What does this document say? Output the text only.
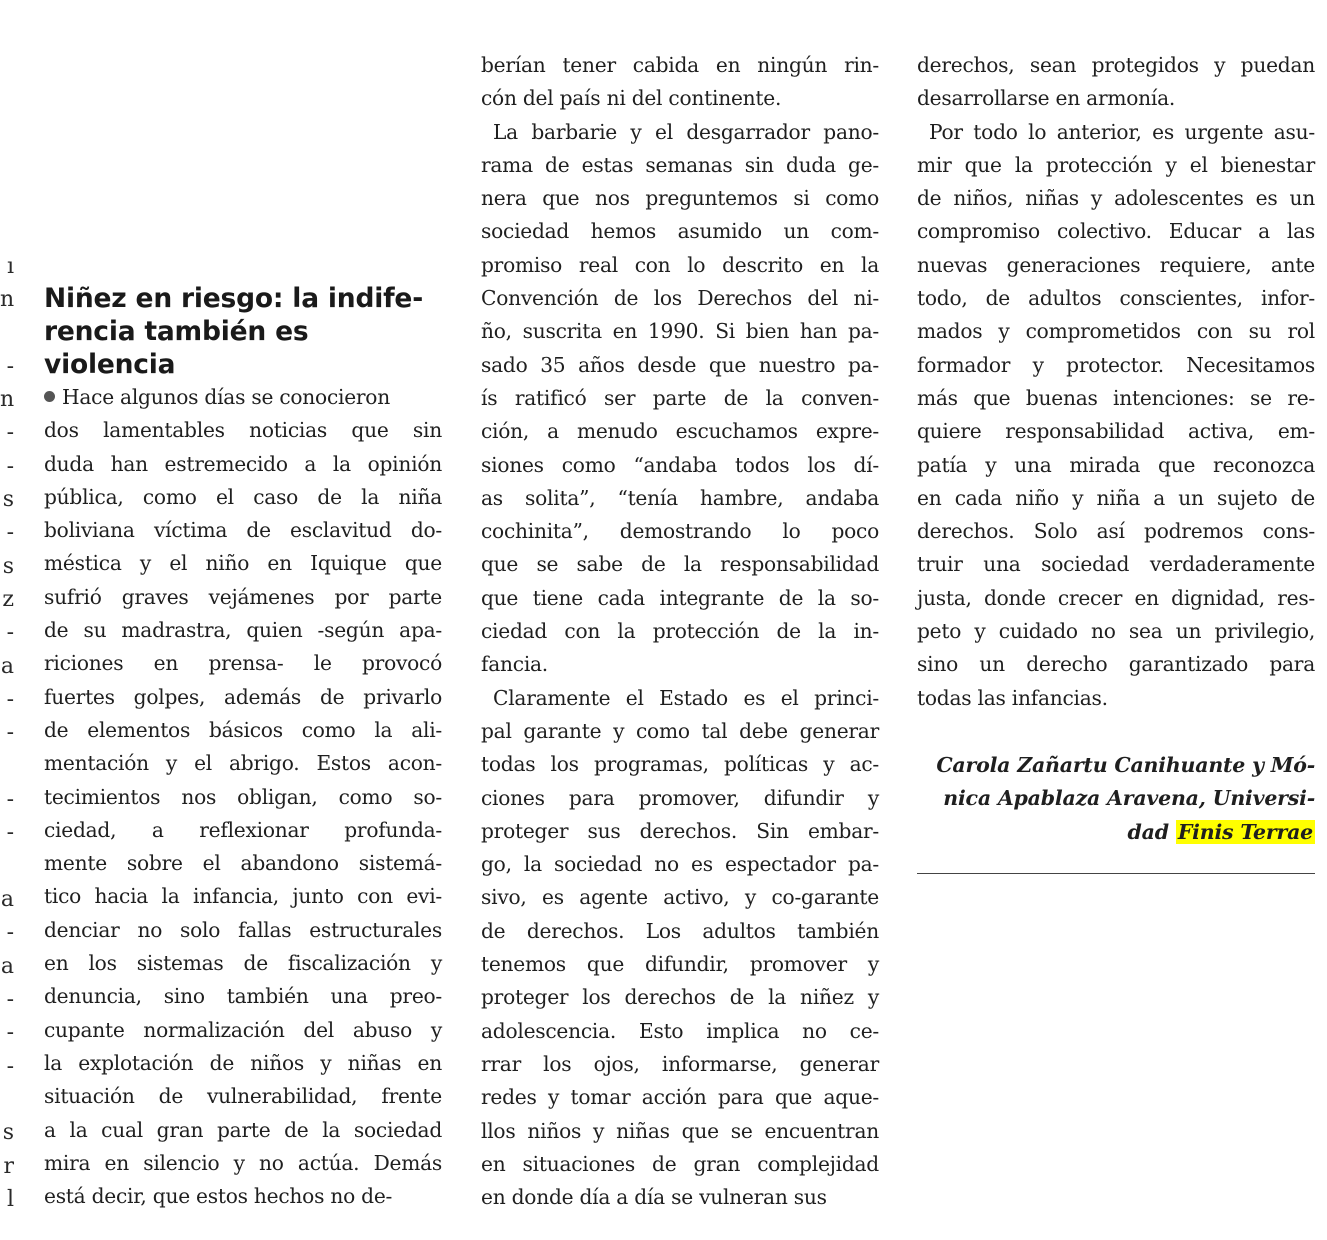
ı
n
-
n
-
-
s
-
s
z
-
a
-
-
-
-
a
-
a
-
-
-
s
r
l
Niñez en riesgo: la indife-
rencia también es violencia

Hace algunos días se conocieron

dos lamentables noticias que sin
duda han estremecido a la opinión
pública, como el caso de la niña
boliviana víctima de esclavitud do-
méstica y el niño en Iquique que
sufrió graves vejámenes por parte
de su madrastra, quien -según apa-
riciones en prensa- le provocó
fuertes golpes, además de privarlo
de elementos básicos como la ali-
mentación y el abrigo. Estos acon-
tecimientos nos obligan, como so-
ciedad, a reflexionar profunda-
mente sobre el abandono sistemá-
tico hacia la infancia, junto con evi-
denciar no solo fallas estructurales
en los sistemas de fiscalización y
denuncia, sino también una preo-
cupante normalización del abuso y
la explotación de niños y niñas en
situación de vulnerabilidad, frente
a la cual gran parte de la sociedad
mira en silencio y no actúa. Demás
está decir, que estos hechos no de-

berían tener cabida en ningún rin-
cón del país ni del continente.

La barbarie y el desgarrador pano-
rama de estas semanas sin duda ge-
nera que nos preguntemos si como
sociedad hemos asumido un com-
promiso real con lo descrito en la
Convención de los Derechos del ni-
ño, suscrita en 1990. Si bien han pa-
sado 35 años desde que nuestro pa-
ís ratificó ser parte de la conven-
ción, a menudo escuchamos expre-
siones como “andaba todos los dí-
as solita”, “tenía hambre, andaba
cochinita”, demostrando lo poco
que se sabe de la responsabilidad
que tiene cada integrante de la so-
ciedad con la protección de la in-
fancia.

Claramente el Estado es el princi-
pal garante y como tal debe generar
todas los programas, políticas y ac-
ciones para promover, difundir y
proteger sus derechos. Sin embar-
go, la sociedad no es espectador pa-
sivo, es agente activo, y co-garante
de derechos. Los adultos también
tenemos que difundir, promover y
proteger los derechos de la niñez y
adolescencia. Esto implica no ce-
rrar los ojos, informarse, generar
redes y tomar acción para que aque-
llos niños y niñas que se encuentran
en situaciones de gran complejidad
en donde día a día se vulneran sus

derechos, sean protegidos y puedan
desarrollarse en armonía.

Por todo lo anterior, es urgente asu-
mir que la protección y el bienestar
de niños, niñas y adolescentes es un
compromiso colectivo. Educar a las
nuevas generaciones requiere, ante
todo, de adultos conscientes, infor-
mados y comprometidos con su rol
formador y protector. Necesitamos
más que buenas intenciones: se re-
quiere responsabilidad activa, em-
patía y una mirada que reconozca
en cada niño y niña a un sujeto de
derechos. Solo así podremos cons-
truir una sociedad verdaderamente
justa, donde crecer en dignidad, res-
peto y cuidado no sea un privilegio,
sino un derecho garantizado para
todas las infancias.

Carola Zañartu Canihuante y Mó-
nica Apablaza Aravena, Universi-
dad Finis Terrae
